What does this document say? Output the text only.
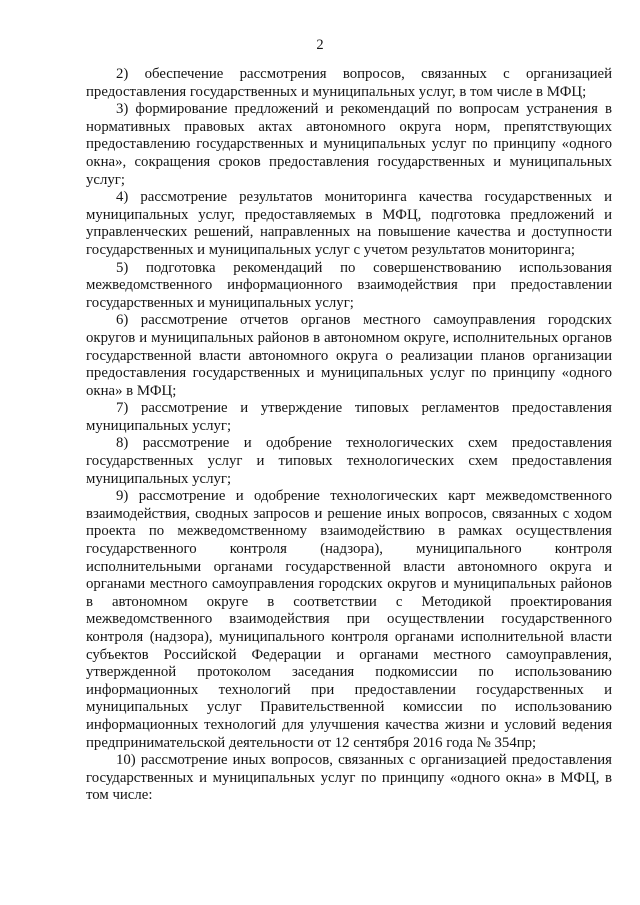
2

2) обеспечение рассмотрения вопросов, связанных с организацией предоставления государственных и муниципальных услуг, в том числе в МФЦ;

3) формирование предложений и рекомендаций по вопросам устранения в нормативных правовых актах автономного округа норм, препятствующих предоставлению государственных и муниципальных услуг по принципу «одного окна», сокращения сроков предоставления государственных и муниципальных услуг;

4) рассмотрение результатов мониторинга качества государственных и муниципальных услуг, предоставляемых в МФЦ, подготовка предложений и управленческих решений, направленных на повышение качества и доступности государственных и муниципальных услуг с учетом результатов мониторинга;

5) подготовка рекомендаций по совершенствованию использования межведомственного информационного взаимодействия при предоставлении государственных и муниципальных услуг;

6) рассмотрение отчетов органов местного самоуправления городских округов и муниципальных районов в автономном округе, исполнительных органов государственной власти автономного округа о реализации планов организации предоставления государственных и муниципальных услуг по принципу «одного окна» в МФЦ;

7) рассмотрение и утверждение типовых регламентов предоставления муниципальных услуг;

8) рассмотрение и одобрение технологических схем предоставления государственных услуг и типовых технологических схем предоставления муниципальных услуг;

9) рассмотрение и одобрение технологических карт межведомственного взаимодействия, сводных запросов и решение иных вопросов, связанных с ходом проекта по межведомственному взаимодействию в рамках осуществления государственного контроля (надзора), муниципального контроля исполнительными органами государственной власти автономного округа и органами местного самоуправления городских округов и муниципальных районов в автономном округе в соответствии с Методикой проектирования межведомственного взаимодействия при осуществлении государственного контроля (надзора), муниципального контроля органами исполнительной власти субъектов Российской Федерации и органами местного самоуправления, утвержденной протоколом заседания подкомиссии по использованию информационных технологий при предоставлении государственных и муниципальных услуг Правительственной комиссии по использованию информационных технологий для улучшения качества жизни и условий ведения предпринимательской деятельности от 12 сентября 2016 года № 354пр;

10) рассмотрение иных вопросов, связанных с организацией предоставления государственных и муниципальных услуг по принципу «одного окна» в МФЦ, в том числе:
